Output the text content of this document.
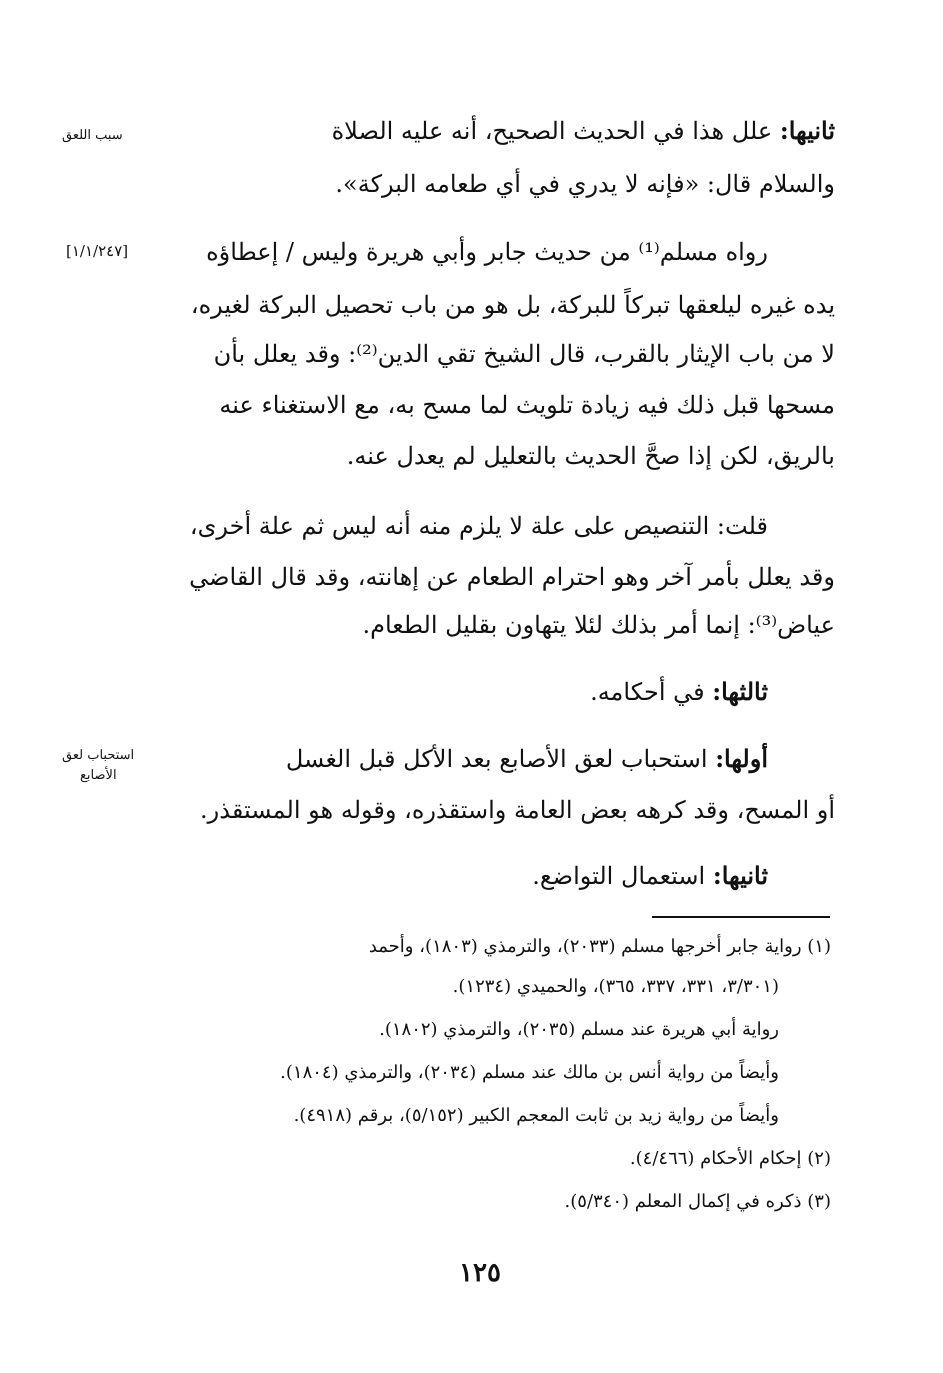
ثانيها: علل هذا في الحديث الصحيح، أنه عليه الصلاة
سبب اللعق
والسلام قال: «فإنه لا يدري في أي طعامه البركة».
رواه مسلم⁽¹⁾ من حديث جابر وأبي هريرة وليس / إعطاؤه
[١/١/٢٤٧]
يده غيره ليلعقها تبركاً للبركة، بل هو من باب تحصيل البركة لغيره،
لا من باب الإيثار بالقرب، قال الشيخ تقي الدين⁽²⁾: وقد يعلل بأن
مسحها قبل ذلك فيه زيادة تلويث لما مسح به، مع الاستغناء عنه
بالريق، لكن إذا صحَّ الحديث بالتعليل لم يعدل عنه.
قلت: التنصيص على علة لا يلزم منه أنه ليس ثم علة أخرى،
وقد يعلل بأمر آخر وهو احترام الطعام عن إهانته، وقد قال القاضي
عياض⁽³⁾: إنما أمر بذلك لئلا يتهاون بقليل الطعام.
ثالثها: في أحكامه.
أولها: استحباب لعق الأصابع بعد الأكل قبل الغسل
استحباب لعق
الأصابع
أو المسح، وقد كرهه بعض العامة واستقذره، وقوله هو المستقذر.
ثانيها: استعمال التواضع.
(١) رواية جابر أخرجها مسلم (٢٠٣٣)، والترمذي (١٨٠٣)، وأحمد
(٣/٣٠١، ٣٣١، ٣٣٧، ٣٦٥)، والحميدي (١٢٣٤).
رواية أبي هريرة عند مسلم (٢٠٣٥)، والترمذي (١٨٠٢).
وأيضاً من رواية أنس بن مالك عند مسلم (٢٠٣٤)، والترمذي (١٨٠٤).
وأيضاً من رواية زيد بن ثابت المعجم الكبير (٥/١٥٢)، برقم (٤٩١٨).
(٢) إحكام الأحكام (٤/٤٦٦).
(٣) ذكره في إكمال المعلم (٥/٣٤٠).
١٢٥
